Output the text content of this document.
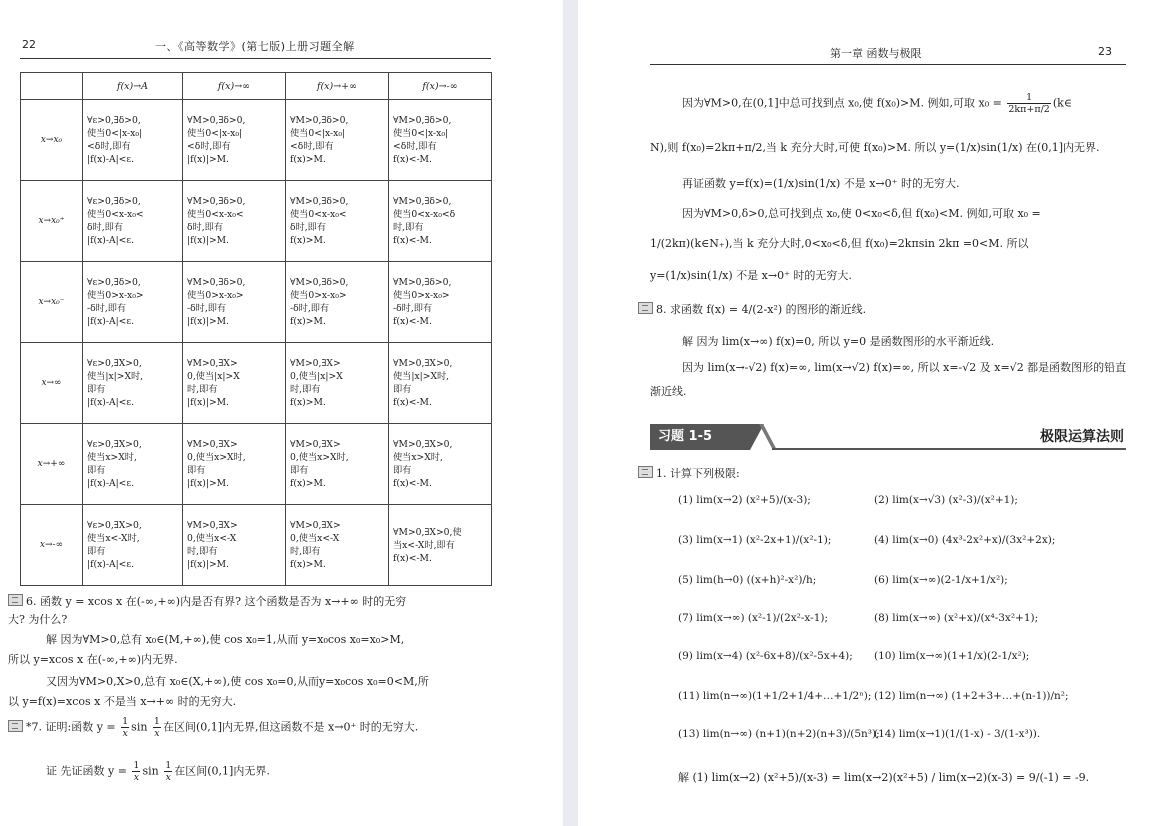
22	一、《高等数学》(第七版)上册习题全解
	f(x)→A	f(x)→∞	f(x)→+∞	f(x)→-∞
x→x₀	∀ε>0,∃δ>0,
使当0<|x-x₀|
<δ时,即有
|f(x)-A|<ε.	∀M>0,∃δ>0,
使当0<|x-x₀|
<δ时,即有
|f(x)|>M.	∀M>0,∃δ>0,
使当0<|x-x₀|
<δ时,即有
f(x)>M.	∀M>0,∃δ>0,
使当0<|x-x₀|
<δ时,即有
f(x)<-M.

x→x₀⁺	∀ε>0,∃δ>0,
使当0<x-x₀<
δ时,即有
|f(x)-A|<ε.	∀M>0,∃δ>0,
使当0<x-x₀<
δ时,即有
|f(x)|>M.	∀M>0,∃δ>0,
使当0<x-x₀<
δ时,即有
f(x)>M.	∀M>0,∃δ>0,
使当0<x-x₀<δ
时,即有
f(x)<-M.

x→x₀⁻	∀ε>0,∃δ>0,
使当0>x-x₀>
-δ时,即有
|f(x)-A|<ε.	∀M>0,∃δ>0,
使当0>x-x₀>
-δ时,即有
|f(x)|>M.	∀M>0,∃δ>0,
使当0>x-x₀>
-δ时,即有
f(x)>M.	∀M>0,∃δ>0,
使当0>x-x₀>
-δ时,即有
f(x)<-M.

x→∞	∀ε>0,∃X>0,
使当|x|>X时,
即有
|f(x)-A|<ε.	∀M>0,∃X>
0,使当|x|>X
时,即有
|f(x)|>M.	∀M>0,∃X>
0,使当|x|>X
时,即有
f(x)>M.	∀M>0,∃X>0,
使当|x|>X时,
即有
f(x)<-M.

x→+∞	∀ε>0,∃X>0,
使当x>X时,
即有
|f(x)-A|<ε.	∀M>0,∃X>
0,使当x>X时,
即有
|f(x)|>M.	∀M>0,∃X>
0,使当x>X时,
即有
f(x)>M.	∀M>0,∃X>0,
使当x>X时,
即有
f(x)<-M.

x→-∞	∀ε>0,∃X>0,
使当x<-X时,
即有
|f(x)-A|<ε.	∀M>0,∃X>
0,使当x<-X
时,即有
|f(x)|>M.	∀M>0,∃X>
0,使当x<-X
时,即有
f(x)>M.	∀M>0,∃X>0,使
当x<-X时,即有
f(x)<-M.
6. 函数 y = xcos x 在(-∞,+∞)内是否有界? 这个函数是否为 x→+∞ 时的无穷
大? 为什么?
解 因为∀M>0,总有 x₀∈(M,+∞),使 cos x₀=1,从而 y=x₀cos x₀=x₀>M,
所以 y=xcos x 在(-∞,+∞)内无界.
又因为∀M>0,X>0,总有 x₀∈(X,+∞),使 cos x₀=0,从而y=x₀cos x₀=0<M,所
以 y=f(x)=xcos x 不是当 x→+∞ 时的无穷大.
*7. 证明:函数 $y = \frac{1}{x}$ $\sin \frac{1}{x}$ 在区间(0,1]内无界,但这函数不是 x→0⁺ 时的无穷大.
证 先证函数 $y = \frac{1}{x}$ $\sin \frac{1}{x}$ 在区间(0,1]内无界.
第一章 函数与极限	23
因为∀M>0,在(0,1]中总可找到点 x₀,使 f(x₀)>M. 例如,可取 $x_0 = \frac{1}{2k\pi+\pi/2}$ (k∈
N),则 f(x₀)=2kπ+π/2,当 k 充分大时,可使 f(x₀)>M. 所以 y=(1/x)sin(1/x) 在(0,1]内无界.
再证函数 y=f(x)=(1/x)sin(1/x) 不是 x→0⁺ 时的无穷大.
因为∀M>0,δ>0,总可找到点 x₀,使 0<x₀<δ,但 f(x₀)<M. 例如,可取 x₀ =
1/(2kπ)(k∈N₊),当 k 充分大时,0<x₀<δ,但 f(x₀)=2kπsin 2kπ =0<M. 所以
y=(1/x)sin(1/x) 不是 x→0⁺ 时的无穷大.
8. 求函数 f(x) = 4/(2-x²) 的图形的渐近线.
解 因为 lim(x→∞) f(x)=0, 所以 y=0 是函数图形的水平渐近线.
因为 lim(x→-√2) f(x)=∞, lim(x→√2) f(x)=∞, 所以 x=-√2 及 x=√2 都是函数图形的铅直
渐近线.
习题 1-5	极限运算法则
1. 计算下列极限:
(1) lim(x→2) (x²+5)/(x-3);	(2) lim(x→√3) (x²-3)/(x²+1);
(3) lim(x→1) (x²-2x+1)/(x²-1);	(4) lim(x→0) (4x³-2x²+x)/(3x²+2x);
(5) lim(h→0) ((x+h)²-x²)/h;	(6) lim(x→∞)(2-1/x+1/x²);
(7) lim(x→∞) (x²-1)/(2x²-x-1);	(8) lim(x→∞) (x²+x)/(x⁴-3x²+1);
(9) lim(x→4) (x²-6x+8)/(x²-5x+4); (10) lim(x→∞)(1+1/x)(2-1/x²);
(11) lim(n→∞)(1+1/2+1/4+…+1/2ⁿ); (12) lim(n→∞) (1+2+3+…+(n-1))/n²;
(13) lim(n→∞) (n+1)(n+2)(n+3)/(5n³);
(14) lim(x→1)(1/(1-x) - 3/(1-x³)).
解 (1) lim(x→2) (x²+5)/(x-3) = lim(x→2)(x²+5) / lim(x→2)(x-3) = 9/(-1) = -9.
